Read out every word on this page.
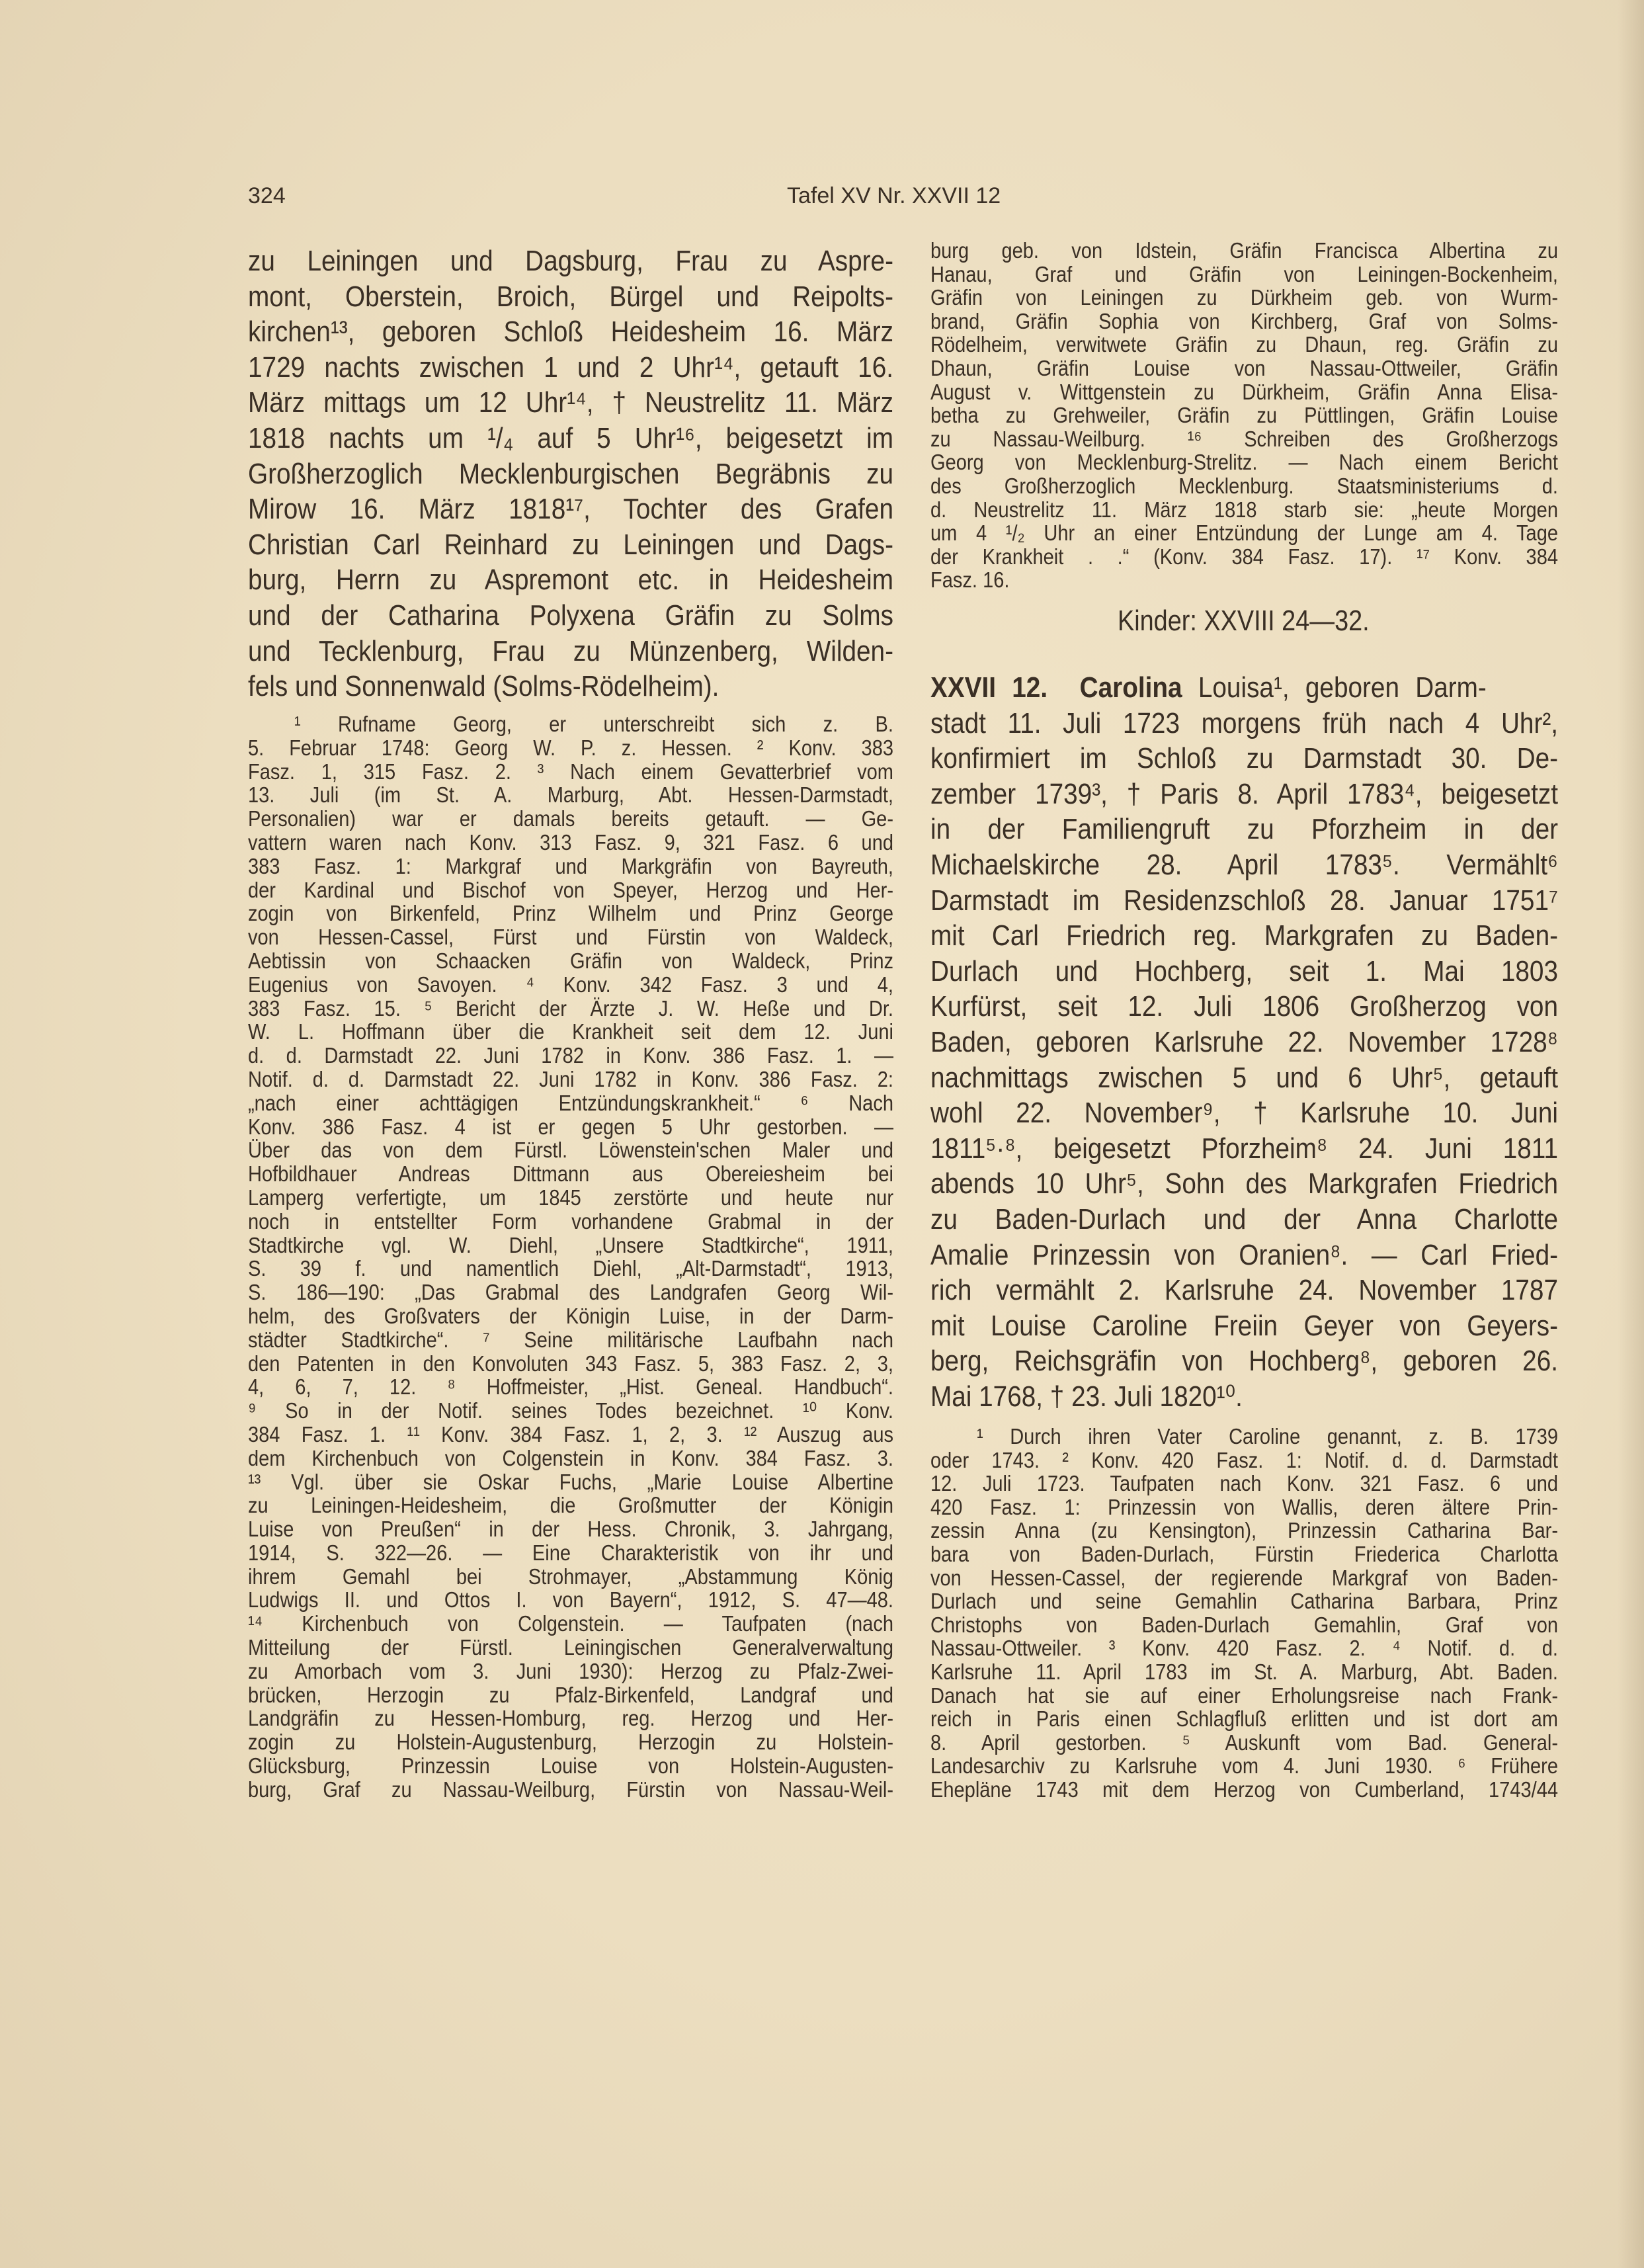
324	Tafel XV Nr. XXVII 12
zu Leiningen und Dagsburg, Frau zu Aspre-
mont, Oberstein, Broich, Bürgel und Reipolts-
kirchen¹³, geboren Schloß Heidesheim 16. März
1729 nachts zwischen 1 und 2 Uhr¹⁴, getauft 16.
März mittags um 12 Uhr¹⁴, † Neustrelitz 11. März
1818 nachts um ¹/₄ auf 5 Uhr¹⁶, beigesetzt im
Großherzoglich Mecklenburgischen Begräbnis zu
Mirow 16. März 1818¹⁷, Tochter des Grafen
Christian Carl Reinhard zu Leiningen und Dags-
burg, Herrn zu Aspremont etc. in Heidesheim
und der Catharina Polyxena Gräfin zu Solms
und Tecklenburg, Frau zu Münzenberg, Wilden-
fels und Sonnenwald (Solms-Rödelheim).
¹ Rufname Georg, er unterschreibt sich z. B.
5. Februar 1748: Georg W. P. z. Hessen. ² Konv. 383
Fasz. 1, 315 Fasz. 2. ³ Nach einem Gevatterbrief vom
13. Juli (im St. A. Marburg, Abt. Hessen-Darmstadt,
Personalien) war er damals bereits getauft. — Ge-
vattern waren nach Konv. 313 Fasz. 9, 321 Fasz. 6 und
383 Fasz. 1: Markgraf und Markgräfin von Bayreuth,
der Kardinal und Bischof von Speyer, Herzog und Her-
zogin von Birkenfeld, Prinz Wilhelm und Prinz George
von Hessen-Cassel, Fürst und Fürstin von Waldeck,
Aebtissin von Schaacken Gräfin von Waldeck, Prinz
Eugenius von Savoyen. ⁴ Konv. 342 Fasz. 3 und 4,
383 Fasz. 15. ⁵ Bericht der Ärzte J. W. Heße und Dr.
W. L. Hoffmann über die Krankheit seit dem 12. Juni
d. d. Darmstadt 22. Juni 1782 in Konv. 386 Fasz. 1. —
Notif. d. d. Darmstadt 22. Juni 1782 in Konv. 386 Fasz. 2:
„nach einer achttägigen Entzündungskrankheit.“ ⁶ Nach
Konv. 386 Fasz. 4 ist er gegen 5 Uhr gestorben. —
Über das von dem Fürstl. Löwenstein'schen Maler und
Hofbildhauer Andreas Dittmann aus Obereiesheim bei
Lamperg verfertigte, um 1845 zerstörte und heute nur
noch in entstellter Form vorhandene Grabmal in der
Stadtkirche vgl. W. Diehl, „Unsere Stadtkirche“, 1911,
S. 39 f. und namentlich Diehl, „Alt-Darmstadt“, 1913,
S. 186—190: „Das Grabmal des Landgrafen Georg Wil-
helm, des Großvaters der Königin Luise, in der Darm-
städter Stadtkirche“. ⁷ Seine militärische Laufbahn nach
den Patenten in den Konvoluten 343 Fasz. 5, 383 Fasz. 2, 3,
4, 6, 7, 12. ⁸ Hoffmeister, „Hist. Geneal. Handbuch“.
⁹ So in der Notif. seines Todes bezeichnet. ¹⁰ Konv.
384 Fasz. 1. ¹¹ Konv. 384 Fasz. 1, 2, 3. ¹² Auszug aus
dem Kirchenbuch von Colgenstein in Konv. 384 Fasz. 3.
¹³ Vgl. über sie Oskar Fuchs, „Marie Louise Albertine
zu Leiningen-Heidesheim, die Großmutter der Königin
Luise von Preußen“ in der Hess. Chronik, 3. Jahrgang,
1914, S. 322—26. — Eine Charakteristik von ihr und
ihrem Gemahl bei Strohmayer, „Abstammung König
Ludwigs II. und Ottos I. von Bayern“, 1912, S. 47—48.
¹⁴ Kirchenbuch von Colgenstein. — Taufpaten (nach
Mitteilung der Fürstl. Leiningischen Generalverwaltung
zu Amorbach vom 3. Juni 1930): Herzog zu Pfalz-Zwei-
brücken, Herzogin zu Pfalz-Birkenfeld, Landgraf und
Landgräfin zu Hessen-Homburg, reg. Herzog und Her-
zogin zu Holstein-Augustenburg, Herzogin zu Holstein-
Glücksburg, Prinzessin Louise von Holstein-Augusten-
burg, Graf zu Nassau-Weilburg, Fürstin von Nassau-Weil-
burg geb. von Idstein, Gräfin Francisca Albertina zu
Hanau, Graf und Gräfin von Leiningen-Bockenheim,
Gräfin von Leiningen zu Dürkheim geb. von Wurm-
brand, Gräfin Sophia von Kirchberg, Graf von Solms-
Rödelheim, verwitwete Gräfin zu Dhaun, reg. Gräfin zu
Dhaun, Gräfin Louise von Nassau-Ottweiler, Gräfin
August v. Wittgenstein zu Dürkheim, Gräfin Anna Elisa-
betha zu Grehweiler, Gräfin zu Püttlingen, Gräfin Louise
zu Nassau-Weilburg. ¹⁶ Schreiben des Großherzogs
Georg von Mecklenburg-Strelitz. — Nach einem Bericht
des Großherzoglich Mecklenburg. Staatsministeriums d.
d. Neustrelitz 11. März 1818 starb sie: „heute Morgen
um 4 ¹/₂ Uhr an einer Entzündung der Lunge am 4. Tage
der Krankheit . .“ (Konv. 384 Fasz. 17). ¹⁷ Konv. 384
Fasz. 16.
Kinder: XXVIII 24—32.
XXVII 12. Carolina Louisa¹, geboren Darm-
stadt 11. Juli 1723 morgens früh nach 4 Uhr²,
konfirmiert im Schloß zu Darmstadt 30. De-
zember 1739³, † Paris 8. April 1783⁴, beigesetzt
in der Familiengruft zu Pforzheim in der
Michaelskirche 28. April 1783⁵. Vermählt⁶
Darmstadt im Residenzschloß 28. Januar 1751⁷
mit Carl Friedrich reg. Markgrafen zu Baden-
Durlach und Hochberg, seit 1. Mai 1803
Kurfürst, seit 12. Juli 1806 Großherzog von
Baden, geboren Karlsruhe 22. November 1728⁸
nachmittags zwischen 5 und 6 Uhr⁵, getauft
wohl 22. November⁹, † Karlsruhe 10. Juni
1811⁵·⁸, beigesetzt Pforzheim⁸ 24. Juni 1811
abends 10 Uhr⁵, Sohn des Markgrafen Friedrich
zu Baden-Durlach und der Anna Charlotte
Amalie Prinzessin von Oranien⁸. — Carl Fried-
rich vermählt 2. Karlsruhe 24. November 1787
mit Louise Caroline Freiin Geyer von Geyers-
berg, Reichsgräfin von Hochberg⁸, geboren 26.
Mai 1768, † 23. Juli 1820¹⁰.
¹ Durch ihren Vater Caroline genannt, z. B. 1739
oder 1743. ² Konv. 420 Fasz. 1: Notif. d. d. Darmstadt
12. Juli 1723. Taufpaten nach Konv. 321 Fasz. 6 und
420 Fasz. 1: Prinzessin von Wallis, deren ältere Prin-
zessin Anna (zu Kensington), Prinzessin Catharina Bar-
bara von Baden-Durlach, Fürstin Friederica Charlotta
von Hessen-Cassel, der regierende Markgraf von Baden-
Durlach und seine Gemahlin Catharina Barbara, Prinz
Christophs von Baden-Durlach Gemahlin, Graf von
Nassau-Ottweiler. ³ Konv. 420 Fasz. 2. ⁴ Notif. d. d.
Karlsruhe 11. April 1783 im St. A. Marburg, Abt. Baden.
Danach hat sie auf einer Erholungsreise nach Frank-
reich in Paris einen Schlagfluß erlitten und ist dort am
8. April gestorben. ⁵ Auskunft vom Bad. General-
Landesarchiv zu Karlsruhe vom 4. Juni 1930. ⁶ Frühere
Ehepläne 1743 mit dem Herzog von Cumberland, 1743/44
